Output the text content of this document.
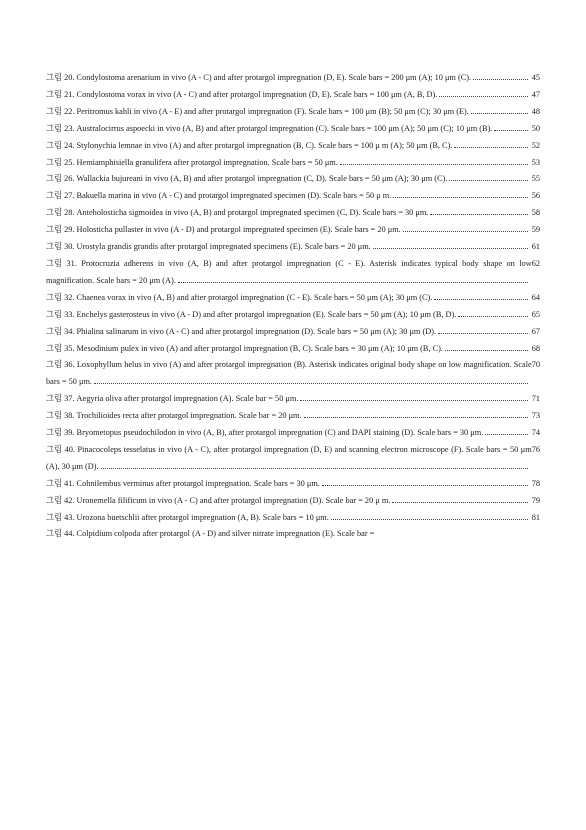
45
그림 20. Condylostoma arenarium in vivo (A - C) and after protargol impregnation (D, E). Scale bars = 200 μm (A); 10 μm (C).
47
그림 21. Condylostoma vorax in vivo (A - C) and after protargol impregnation (D, E). Scale bars = 100 μm (A, B, D).
48
그림 22. Peritromus kahli in vivo (A - E) and after protargol impregnation (F). Scale bars = 100 μm (B); 50 μm (C); 30 μm (E).
50
그림 23. Australocirrus aspoecki in vivo (A, B) and after protargol impregnation (C). Scale bars = 100 μm (A); 50 μm (C); 10 μm (B).
52
그림 24. Stylonychia lemnae in vivo (A) and after protargol impregnation (B, C). Scale bars = 100 μ m (A); 50 μm (B, C).
53
그림 25. Hemiamphisiella granulifera after protargol impregnation. Scale bars = 50 μm.
55
그림 26. Wallackia bujureani in vivo (A, B) and after protargol impregnation (C, D). Scale bars = 50 μm (A); 30 μm (C).
56
그림 27. Bakuella marina in vivo (A - C) and protargol impregnated specimen (D). Scale bars = 50 μ m.
58
그림 28. Anteholosticha sigmoidea in vivo (A, B) and protargol impregnated specimen (C, D). Scale bars = 30 μm.
59
그림 29. Holosticha pullaster in vivo (A - D) and protargol impregnated specimen (E). Scale bars = 20 μm.
61
그림 30. Urostyla grandis grandis after protargol impregnated specimens (E). Scale bars = 20 μm.
62
그림 31. Protocruzia adherens in vivo (A, B) and after protargol impregnation (C - E). Asterisk indicates typical body shape on low magnification. Scale bars = 20 μm (A).
64
그림 32. Chaenea vorax in vivo (A, B) and after protargol impregnation (C - E). Scale bars = 50 μm (A); 30 μm (C).
65
그림 33. Enchelys gasterosteus in vivo (A - D) and after protargol impregnation (E). Scale bars = 50 μm (A); 10 μm (B, D).
67
그림 34. Phialina salinarum in vivo (A - C) and after protargol impregnation (D). Scale bars = 50 μm (A); 30 μm (D).
68
그림 35. Mesodinium pulex in vivo (A) and after protargol impregnation (B, C). Scale bars = 30 μm (A); 10 μm (B, C).
70
그림 36. Loxophyllum helus in vivo (A) and after protargol impregnation (B). Asterisk indicates original body shape on low magnification. Scale bars = 50 μm.
71
그림 37. Aegyria oliva after protargol impregnation (A). Scale bar = 50 μm.
73
그림 38. Trochilioides recta after protargol impregnation. Scale bar = 20 μm.
74
그림 39. Bryometopus pseudochilodon in vivo (A, B), after protargol impregnation (C) and DAPI staining (D). Scale bars = 30 μm.
76
그림 40. Pinacocoleps tesselatus in vivo (A - C), after protargol impregnation (D, E) and scanning electron microscope (F). Scale bars = 50 μm (A), 30 μm (D).
78
그림 41. Cohnilembus verminus after protargol impregnation. Scale bars = 30 μm.
79
그림 42. Uronemella filificum in vivo (A - C) and after protargol impregnation (D). Scale bar = 20 μ m.
81
그림 43. Urozona buetschlii after protargol impregnation (A, B). Scale bars = 10 μm.
그림 44. Colpidium colpoda after protargol (A - D) and silver nitrate impregnation (E). Scale bar =
